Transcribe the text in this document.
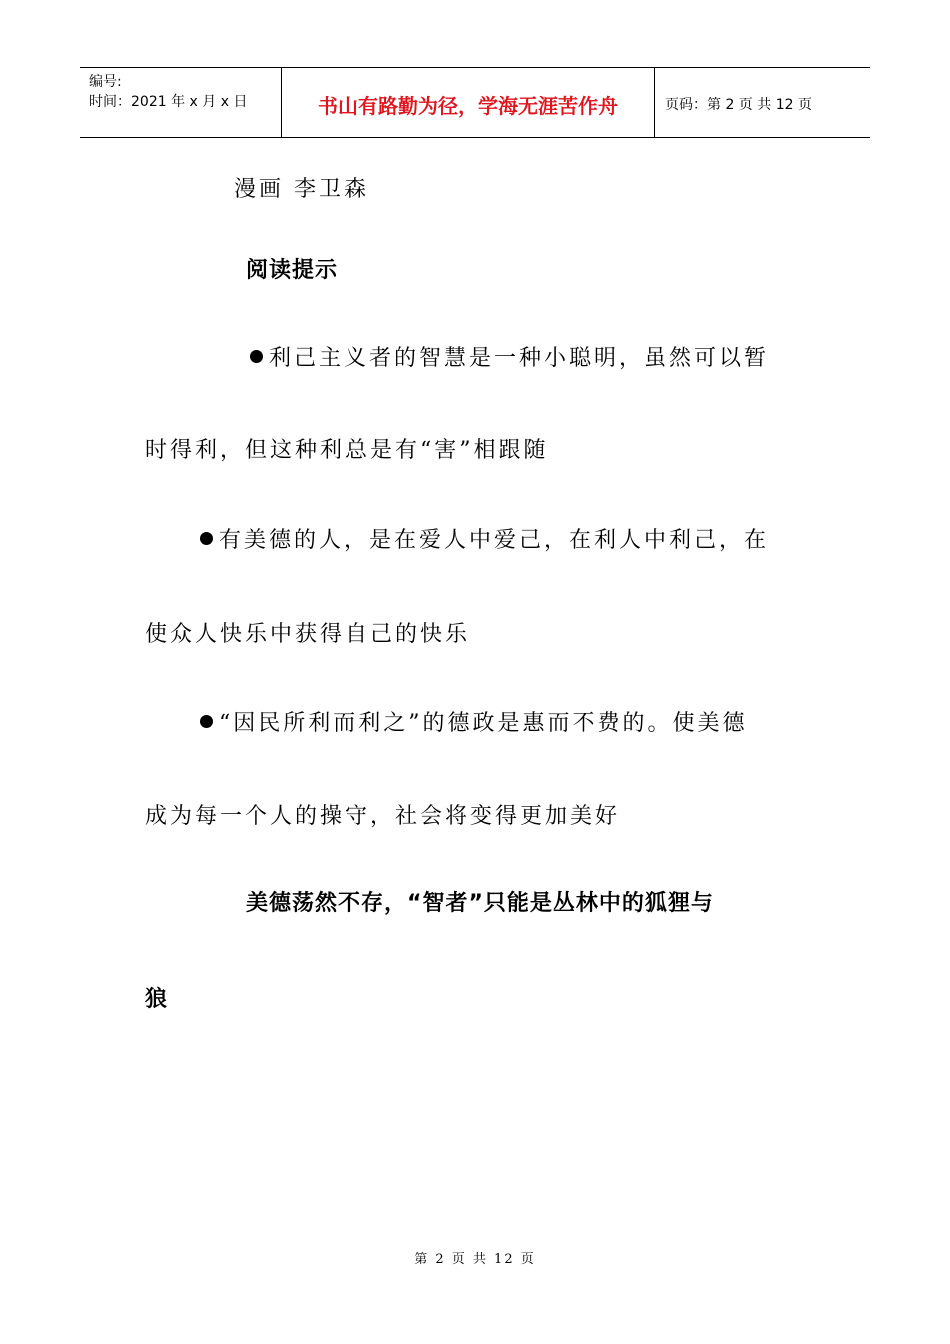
编号:
时间：2021 年 x 月 x 日	书山有路勤为径，学海无涯苦作舟	页码：第 2 页 共 12 页
漫画 李卫森
阅读提示
利己主义者的智慧是一种小聪明，虽然可以暂
时得利，但这种利总是有“害”相跟随
有美德的人，是在爱人中爱己，在利人中利己，在
使众人快乐中获得自己的快乐
“因民所利而利之”的德政是惠而不费的。使美德
成为每一个人的操守，社会将变得更加美好
美德荡然不存，“智者”只能是丛林中的狐狸与
狼
第 2 页 共 12 页
